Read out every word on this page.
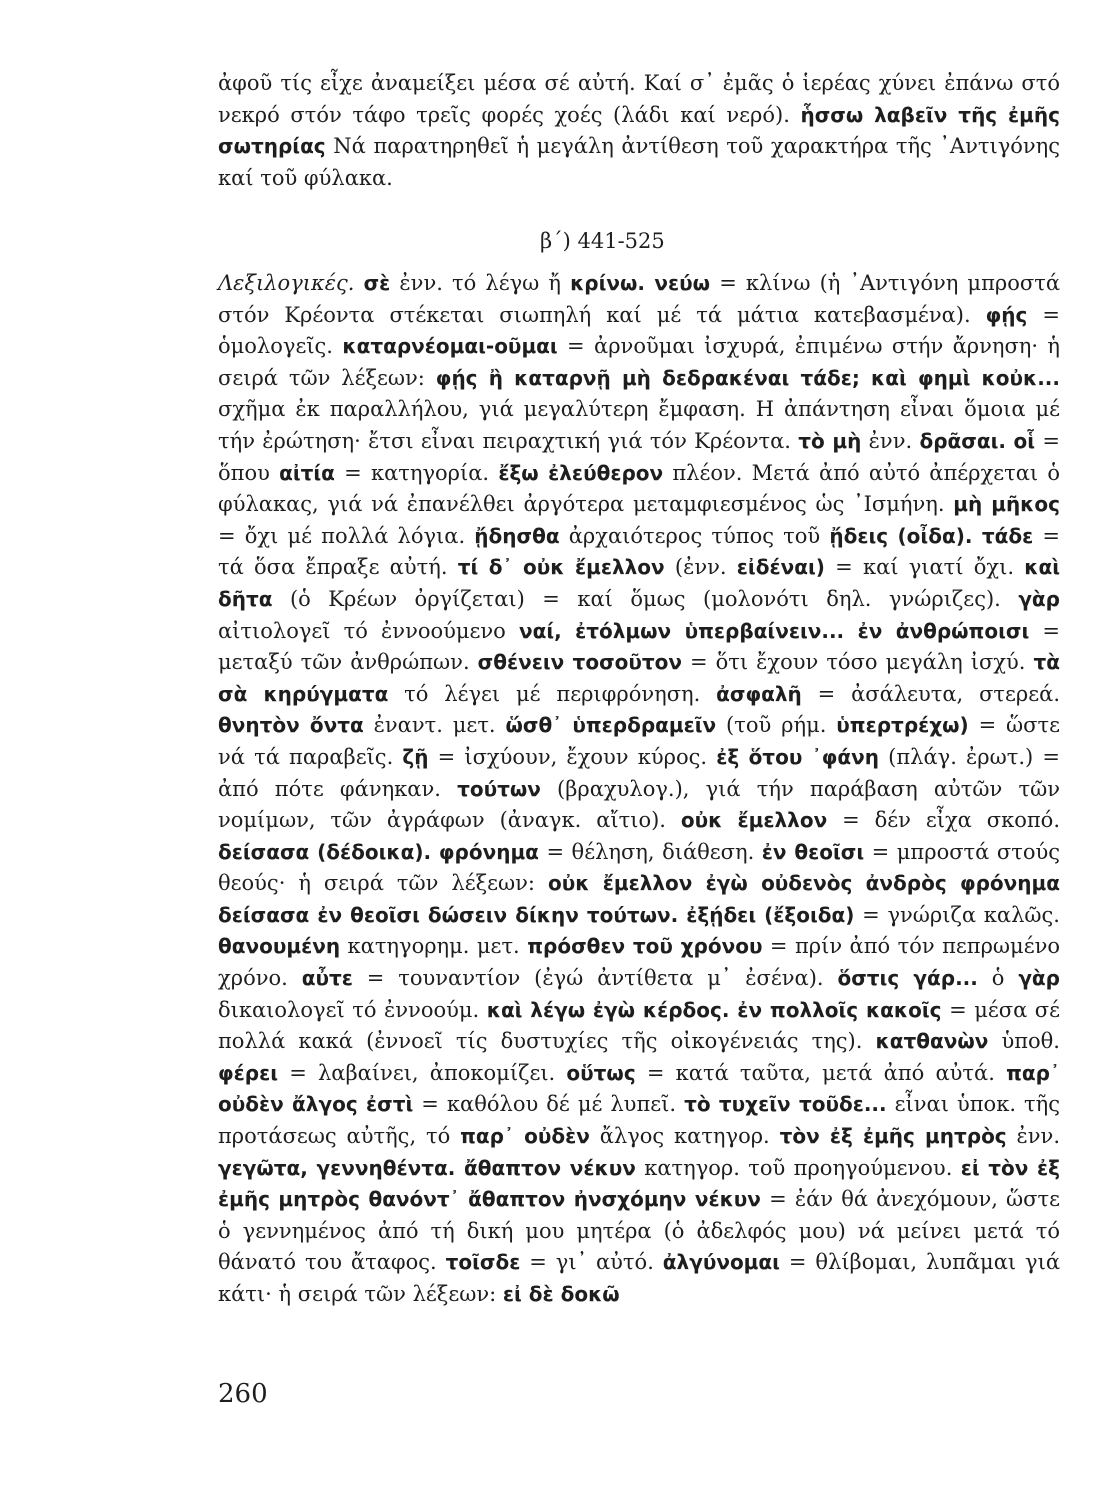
ἀφοῦ τίς εἶχε ἀναμείξει μέσα σέ αὐτή. Καί σ᾿ ἐμᾶς ὁ ἱερέας χύνει ἐπάνω στό νεκρό στόν τάφο τρεῖς φορές χοές (λάδι καί νερό). ἧσσω λαβεῖν τῆς ἐμῆς σωτηρίας Νά παρατηρηθεῖ ἡ μεγάλη ἀντίθεση τοῦ χαρακτήρα τῆς ᾿Αντιγόνης καί τοῦ φύλακα.

β΄) 441-525

Λεξιλογικές. σὲ ἐνν. τό λέγω ἤ κρίνω. νεύω = κλίνω (ἡ ᾿Αντιγόνη μπροστά στόν Κρέοντα στέκεται σιωπηλή καί μέ τά μάτια κατεβασμένα). φῄς = ὁμολογεῖς. καταρνέομαι-οῦμαι = ἀρνοῦμαι ἰσχυρά, ἐπιμένω στήν ἄρνηση· ἡ σειρά τῶν λέξεων: φῄς ἢ καταρνῇ μὴ δεδρακέναι τάδε; καὶ φημὶ κοὐκ... σχῆμα ἐκ παραλλήλου, γιά μεγαλύτερη ἔμφαση. Η ἀπάντηση εἶναι ὅμοια μέ τήν ἐρώτηση· ἔτσι εἶναι πειραχτική γιά τόν Κρέοντα. τὸ μὴ ἐνν. δρᾶσαι. οἷ = ὅπου αἰτία = κατηγορία. ἔξω ἐλεύθερον πλέον. Μετά ἀπό αὐτό ἀπέρχεται ὁ φύλακας, γιά νά ἐπανέλθει ἀργότερα μεταμφιεσμένος ὡς ᾿Ισμήνη. μὴ μῆκος = ὄχι μέ πολλά λόγια. ᾔδησθα ἀρχαιότερος τύπος τοῦ ᾔδεις (οἶδα). τάδε = τά ὅσα ἔπραξε αὐτή. τί δ᾿ οὐκ ἔμελλον (ἐνν. εἰδέναι) = καί γιατί ὄχι. καὶ δῆτα (ὁ Κρέων ὀργίζεται) = καί ὅμως (μολονότι δηλ. γνώριζες). γὰρ αἰτιολογεῖ τό ἐννοούμενο ναί, ἐτόλμων ὑπερβαίνειν... ἐν ἀνθρώποισι = μεταξύ τῶν ἀνθρώπων. σθένειν τοσοῦτον = ὅτι ἔχουν τόσο μεγάλη ἰσχύ. τὰ σὰ κηρύγματα τό λέγει μέ περιφρόνηση. ἀσφαλῆ = ἀσάλευτα, στερεά. θνητὸν ὄντα ἐναντ. μετ. ὥσθ᾿ ὑπερδραμεῖν (τοῦ ρήμ. ὑπερτρέχω) = ὥστε νά τά παραβεῖς. ζῇ = ἰσχύουν, ἔχουν κύρος. ἐξ ὅτου ᾿φάνη (πλάγ. ἐρωτ.) = ἀπό πότε φάνηκαν. τούτων (βραχυλογ.), γιά τήν παράβαση αὐτῶν τῶν νομίμων, τῶν ἀγράφων (ἀναγκ. αἴτιο). οὐκ ἔμελλον = δέν εἶχα σκοπό. δείσασα (δέδοικα). φρόνημα = θέληση, διάθεση. ἐν θεοῖσι = μπροστά στούς θεούς· ἡ σειρά τῶν λέξεων: οὐκ ἔμελλον ἐγὼ οὐδενὸς ἀνδρὸς φρόνημα δείσασα ἐν θεοῖσι δώσειν δίκην τούτων. ἐξῄδει (ἔξοιδα) = γνώριζα καλῶς. θανουμένη κατηγορημ. μετ. πρόσθεν τοῦ χρόνου = πρίν ἀπό τόν πεπρωμένο χρόνο. αὖτε = τουναντίον (ἐγώ ἀντίθετα μ᾿ ἐσένα). ὅστις γάρ... ὁ γὰρ δικαιολογεῖ τό ἐννοούμ. καὶ λέγω ἐγὼ κέρδος. ἐν πολλοῖς κακοῖς = μέσα σέ πολλά κακά (ἐννοεῖ τίς δυστυχίες τῆς οἰκογένειάς της). κατθανὼν ὑποθ. φέρει = λαβαίνει, ἀποκομίζει. οὕτως = κατά ταῦτα, μετά ἀπό αὐτά. παρ᾿ οὐδὲν ἄλγος ἐστὶ = καθόλου δέ μέ λυπεῖ. τὸ τυχεῖν τοῦδε... εἶναι ὑποκ. τῆς προτάσεως αὐτῆς, τό παρ᾿ οὐδὲν ἄλγος κατηγορ. τὸν ἐξ ἐμῆς μητρὸς ἐνν. γεγῶτα, γεννηθέντα. ἄθαπτον νέκυν κατηγορ. τοῦ προηγούμενου. εἰ τὸν ἐξ ἐμῆς μητρὸς θανόντ᾿ ἄθαπτον ἠνσχόμην νέκυν = ἐάν θά ἀνεχόμουν, ὥστε ὁ γεννημένος ἀπό τή δική μου μητέρα (ὁ ἀδελφός μου) νά μείνει μετά τό θάνατό του ἄταφος. τοῖσδε = γι᾿ αὐτό. ἀλγύνομαι = θλίβομαι, λυπᾶμαι γιά κάτι· ἡ σειρά τῶν λέξεων: εἰ δὲ δοκῶ

260
